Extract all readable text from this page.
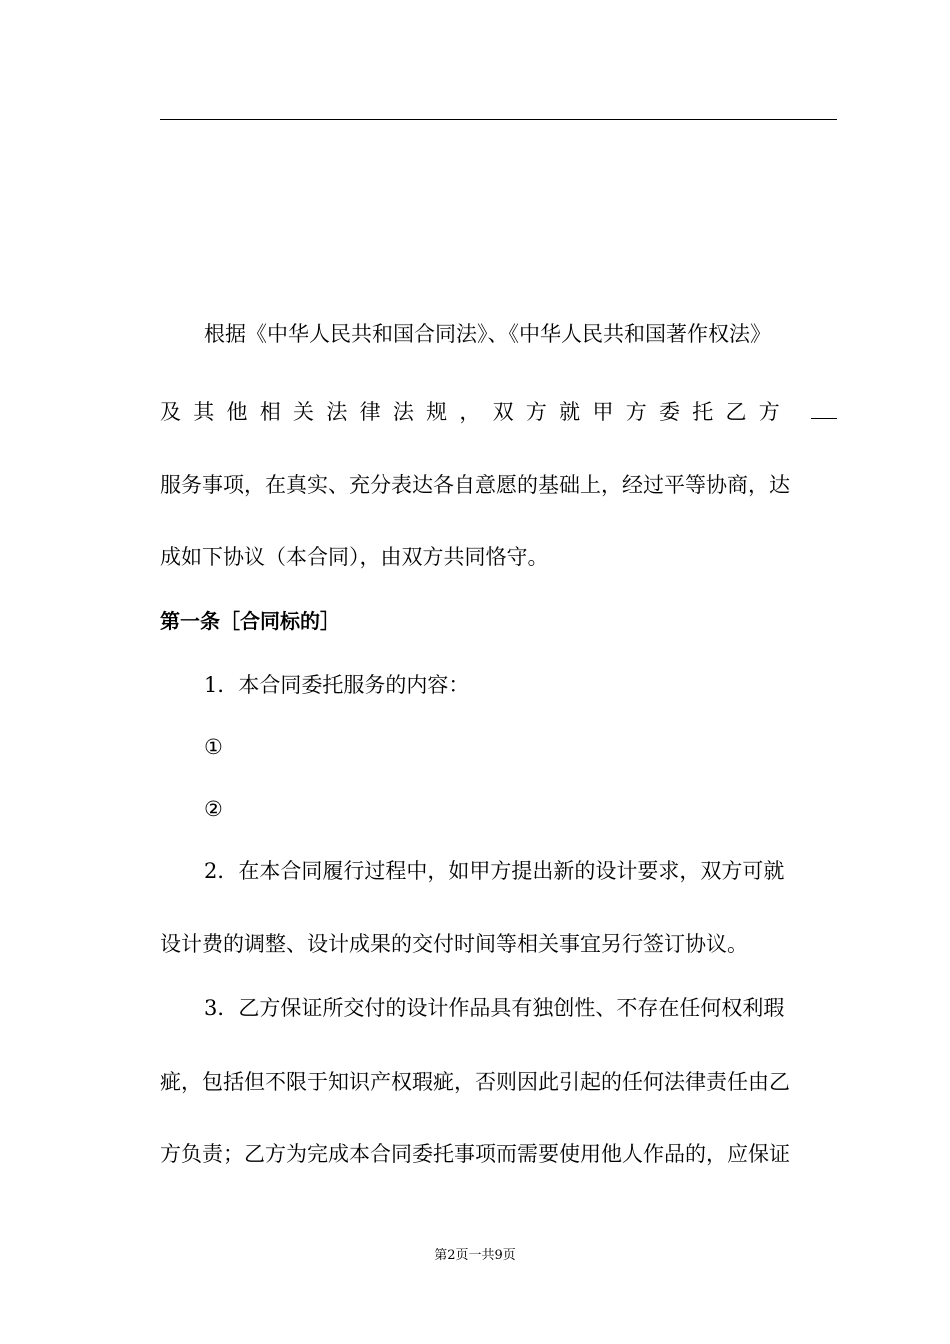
根据《中华人民共和国合同法》、《中华人民共和国著作权法》
及其他相关法律法规，双方就甲方委托乙方
服务事项，在真实、充分表达各自意愿的基础上，经过平等协商，达
成如下协议（本合同），由双方共同恪守。
第一条［合同标的］
1．本合同委托服务的内容：
①
②
2．在本合同履行过程中，如甲方提出新的设计要求，双方可就
设计费的调整、设计成果的交付时间等相关事宜另行签订协议。
3．乙方保证所交付的设计作品具有独创性、不存在任何权利瑕
疵，包括但不限于知识产权瑕疵，否则因此引起的任何法律责任由乙
方负责；乙方为完成本合同委托事项而需要使用他人作品的，应保证
第2页一共9页
